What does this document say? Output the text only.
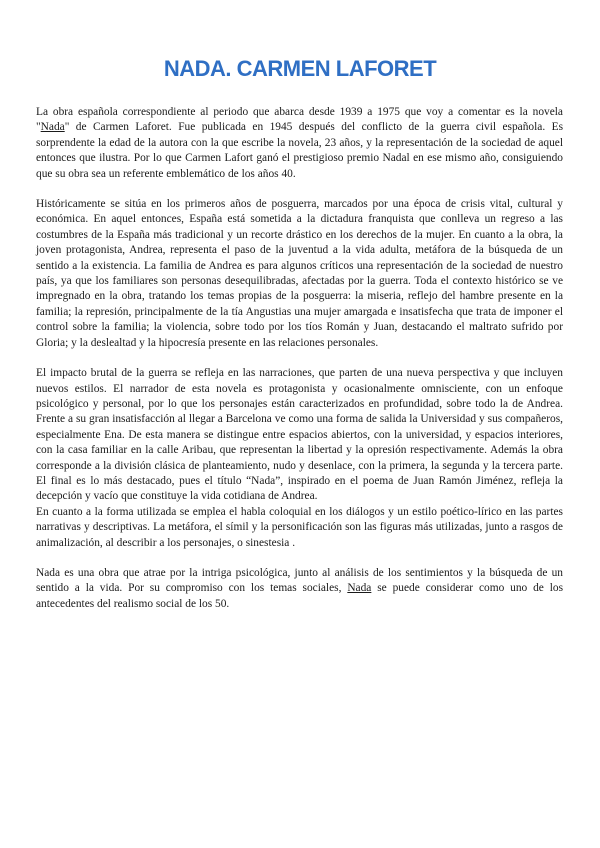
NADA. CARMEN LAFORET

La obra española correspondiente al periodo que abarca desde 1939 a 1975 que voy a comentar es la novela "Nada" de Carmen Laforet. Fue publicada en 1945 después del conflicto de la guerra civil española. Es sorprendente la edad de la autora con la que escribe la novela, 23 años, y la representación de la sociedad de aquel entonces que ilustra. Por lo que Carmen Lafort ganó el prestigioso premio Nadal en ese mismo año, consiguiendo que su obra sea un referente emblemático de los años 40.

Históricamente se sitúa en los primeros años de posguerra, marcados por una época de crisis vital, cultural y económica. En aquel entonces, España está sometida a la dictadura franquista que conlleva un regreso a las costumbres de la España más tradicional y un recorte drástico en los derechos de la mujer. En cuanto a la obra, la joven protagonista, Andrea, representa el paso de la juventud a la vida adulta, metáfora de la búsqueda de un sentido a la existencia. La familia de Andrea es para algunos críticos una representación de la sociedad de nuestro país, ya que los familiares son personas desequilibradas, afectadas por la guerra. Toda el contexto histórico se ve impregnado en la obra, tratando los temas propias de la posguerra: la miseria, reflejo del hambre presente en la familia; la represión, principalmente de la tía Angustias una mujer amargada e insatisfecha que trata de imponer el control sobre la familia; la violencia, sobre todo por los tíos Román y Juan, destacando el maltrato sufrido por Gloria; y la deslealtad y la hipocresía presente en las relaciones personales.

El impacto brutal de la guerra se refleja en las narraciones, que parten de una nueva perspectiva y que incluyen nuevos estilos. El narrador de esta novela es protagonista y ocasionalmente omnisciente, con un enfoque psicológico y personal, por lo que los personajes están caracterizados en profundidad, sobre todo la de Andrea. Frente a su gran insatisfacción al llegar a Barcelona ve como una forma de salida la Universidad y sus compañeros, especialmente Ena. De esta manera se distingue entre espacios abiertos, con la universidad, y espacios interiores, con la casa familiar en la calle Aribau, que representan la libertad y la opresión respectivamente. Además la obra corresponde a la división clásica de planteamiento, nudo y desenlace, con la primera, la segunda y la tercera parte. El final es lo más destacado, pues el título “Nada”, inspirado en el poema de Juan Ramón Jiménez, refleja la decepción y vacío que constituye la vida cotidiana de Andrea.

En cuanto a la forma utilizada se emplea el habla coloquial en los diálogos y un estilo poético-lírico en las partes narrativas y descriptivas. La metáfora, el símil y la personificación son las figuras más utilizadas, junto a rasgos de animalización, al describir a los personajes, o sinestesia .

Nada es una obra que atrae por la intriga psicológica, junto al análisis de los sentimientos y la búsqueda de un sentido a la vida. Por su compromiso con los temas sociales, Nada se puede considerar como uno de los antecedentes del realismo social de los 50.
